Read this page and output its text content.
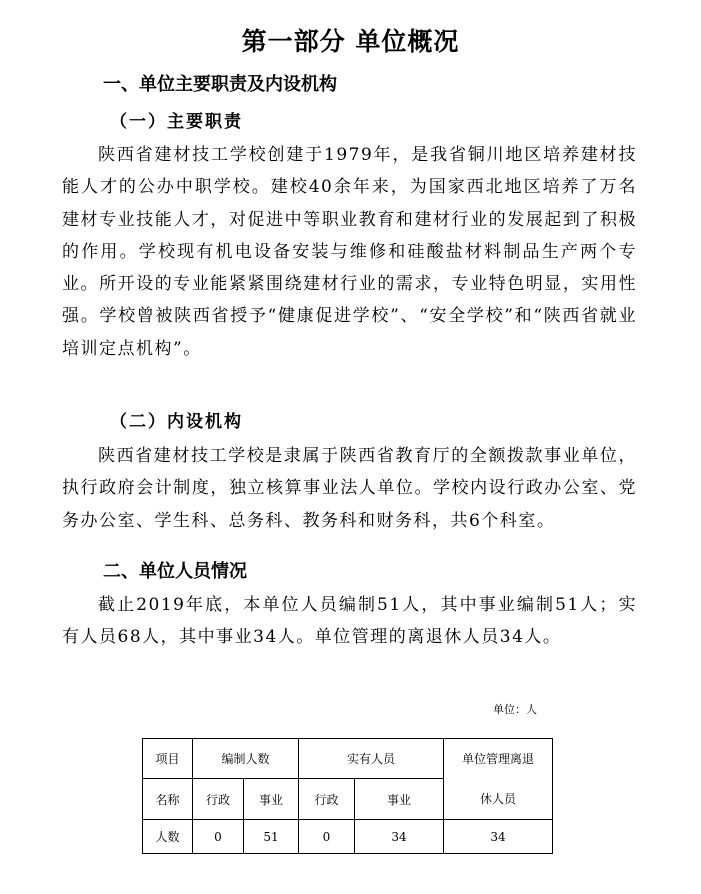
第一部分 单位概况
一、单位主要职责及内设机构
（一）主要职责

陕西省建材技工学校创建于1979年，是我省铜川地区培养建材技能人才的公办中职学校。建校40余年来，为国家西北地区培养了万名建材专业技能人才，对促进中等职业教育和建材行业的发展起到了积极的作用。学校现有机电设备安装与维修和硅酸盐材料制品生产两个专业。所开设的专业能紧紧围绕建材行业的需求，专业特色明显，实用性强。学校曾被陕西省授予“健康促进学校”、“安全学校”和“陕西省就业培训定点机构”。

（二）内设机构

陕西省建材技工学校是隶属于陕西省教育厅的全额拨款事业单位，执行政府会计制度，独立核算事业法人单位。学校内设行政办公室、党务办公室、学生科、总务科、教务科和财务科，共6个科室。

二、单位人员情况

截止2019年底，本单位人员编制51人，其中事业编制51人；实有人员68人，其中事业34人。单位管理的离退休人员34人。

单位：人
项目	编制人数		实有人员		单位管理离退
休人员

名称	行政	事业	行政	事业	
人数	0	51	0	34	34
